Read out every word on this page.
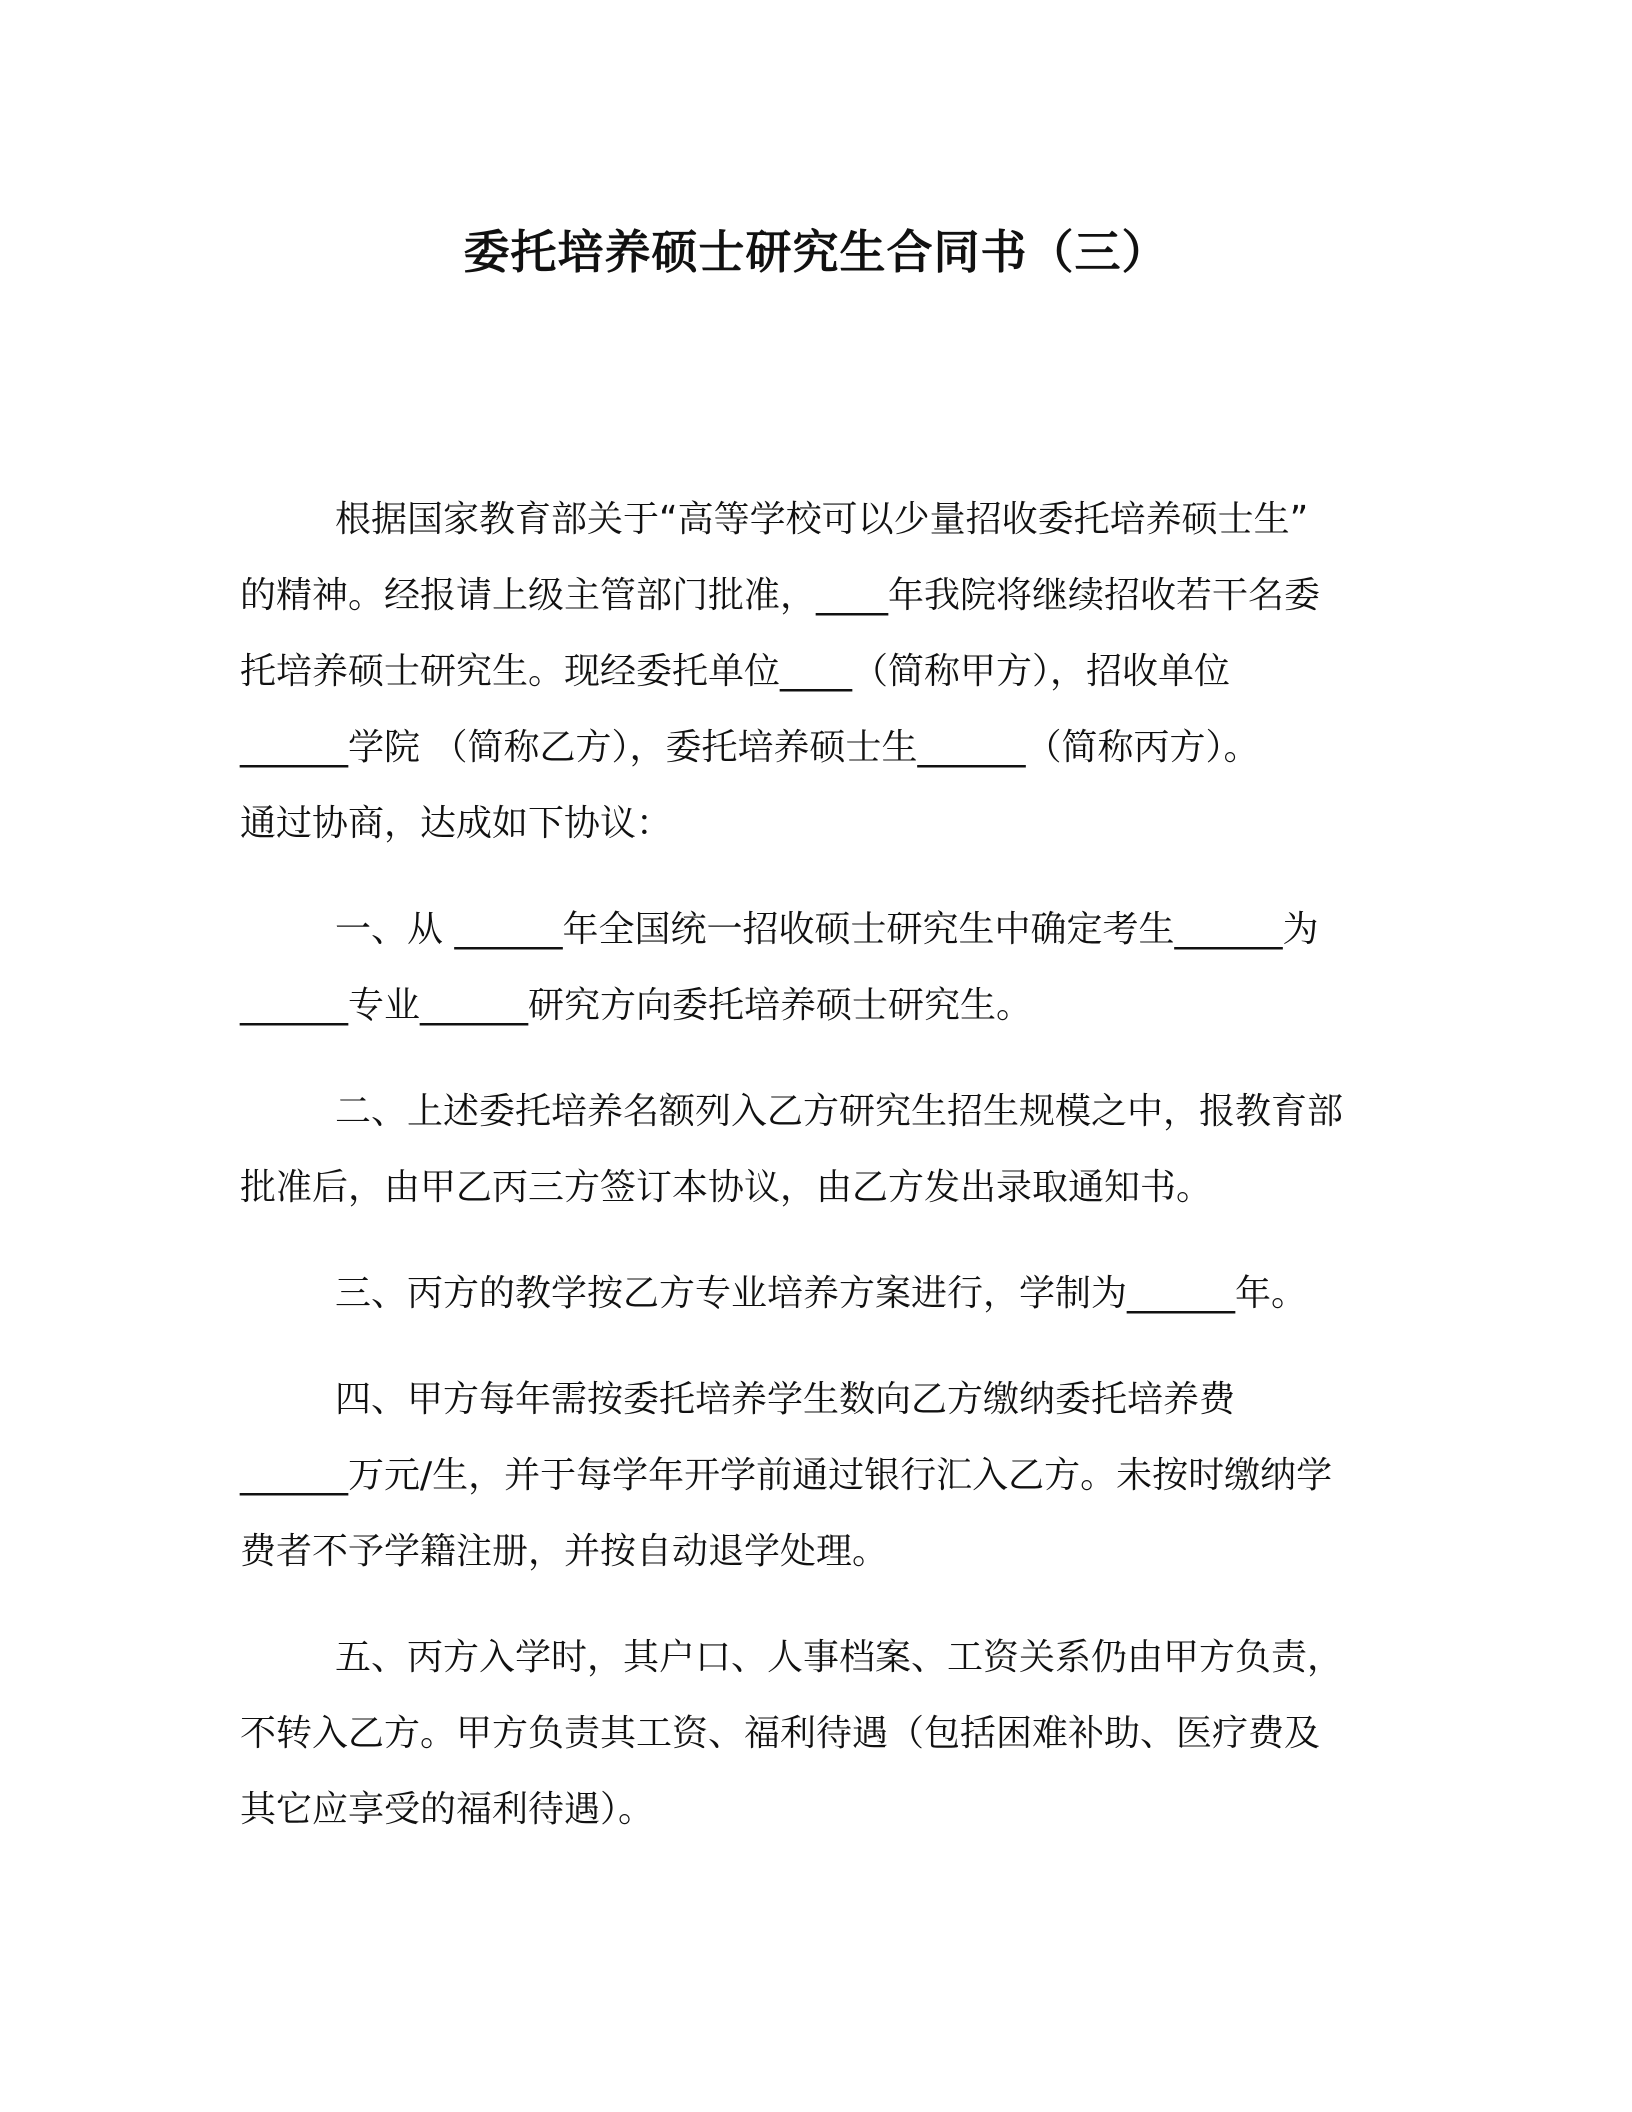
委托培养硕士研究生合同书（三）

根据国家教育部关于“高等学校可以少量招收委托培养硕士生”

的精神。经报请上级主管部门批准，____年我院将继续招收若干名委

托培养硕士研究生。现经委托单位____（简称甲方），招收单位

______学院 （简称乙方），委托培养硕士生______（简称丙方）。

通过协商，达成如下协议：

一、从 ______年全国统一招收硕士研究生中确定考生______为

______专业______研究方向委托培养硕士研究生。

二、上述委托培养名额列入乙方研究生招生规模之中，报教育部

批准后，由甲乙丙三方签订本协议，由乙方发出录取通知书。

三、丙方的教学按乙方专业培养方案进行，学制为______年。

四、甲方每年需按委托培养学生数向乙方缴纳委托培养费

______万元/生，并于每学年开学前通过银行汇入乙方。未按时缴纳学

费者不予学籍注册，并按自动退学处理。

五、丙方入学时，其户口、人事档案、工资关系仍由甲方负责，

不转入乙方。甲方负责其工资、福利待遇（包括困难补助、医疗费及

其它应享受的福利待遇）。
